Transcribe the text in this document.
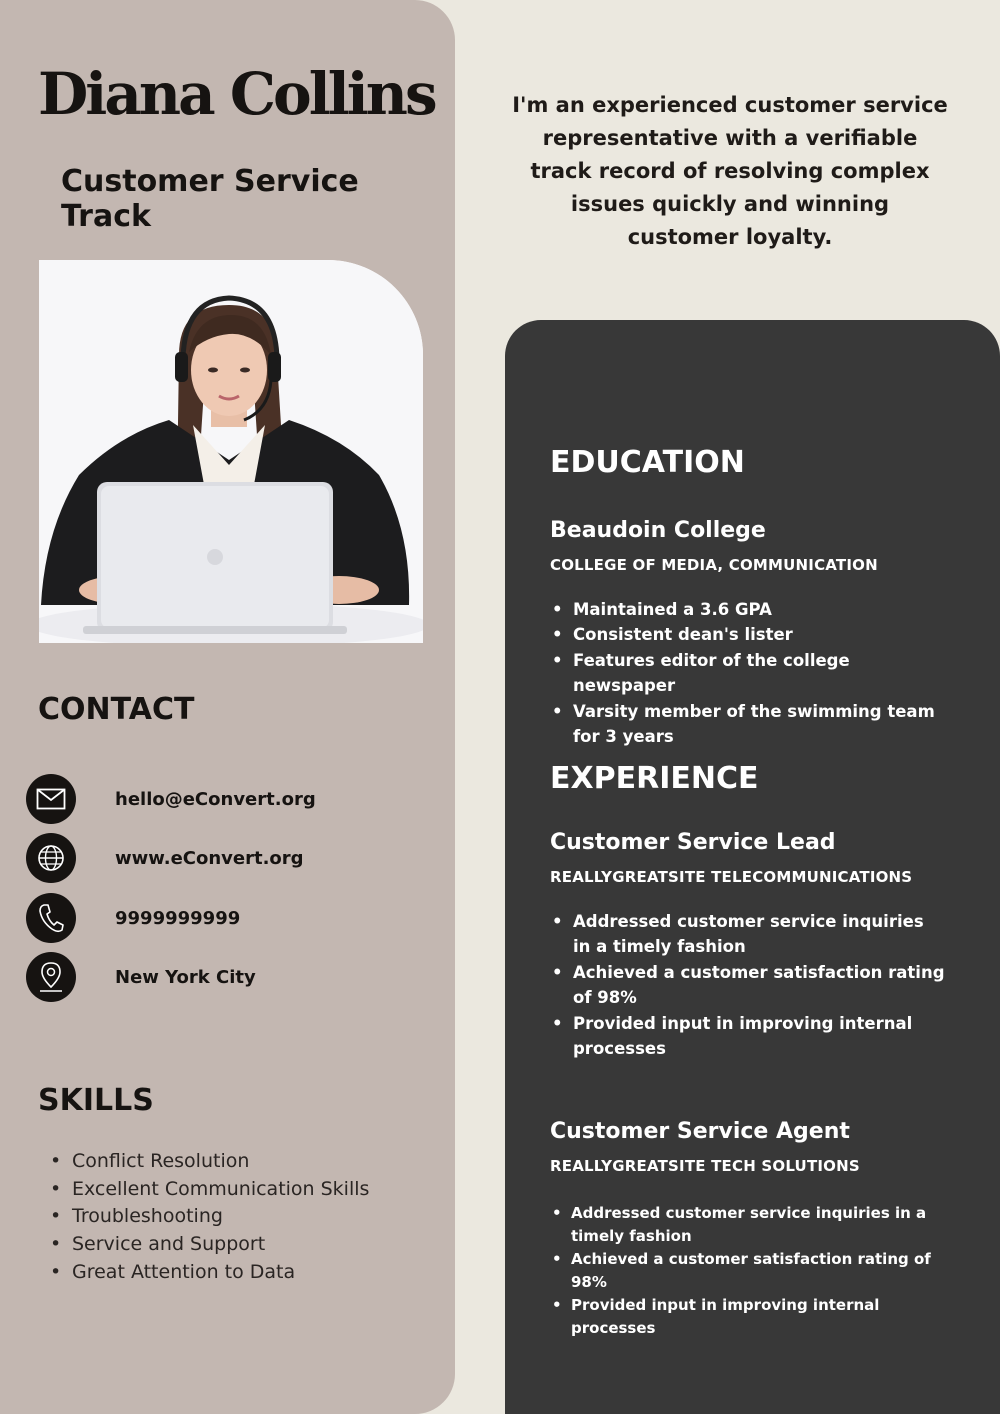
Diana Collins
Customer Service Track
CONTACT
hello@eConvert.org
www.eConvert.org
9999999999
New York City
SKILLS
• Conflict Resolution
• Excellent Communication Skills
• Troubleshooting
• Service and Support
• Great Attention to Data

I'm an experienced customer service representative with a verifiable track record of resolving complex issues quickly and winning customer loyalty.

EDUCATION
Beaudoin College
COLLEGE OF MEDIA, COMMUNICATION
• Maintained a 3.6 GPA
• Consistent dean's lister
• Features editor of the college newspaper
• Varsity member of the swimming team for 3 years
EXPERIENCE
Customer Service Lead
REALLYGREATSITE TELECOMMUNICATIONS
• Addressed customer service inquiries in a timely fashion
• Achieved a customer satisfaction rating of 98%
• Provided input in improving internal processes
Customer Service Agent
REALLYGREATSITE TECH SOLUTIONS
• Addressed customer service inquiries in a timely fashion
• Achieved a customer satisfaction rating of 98%
• Provided input in improving internal processes
